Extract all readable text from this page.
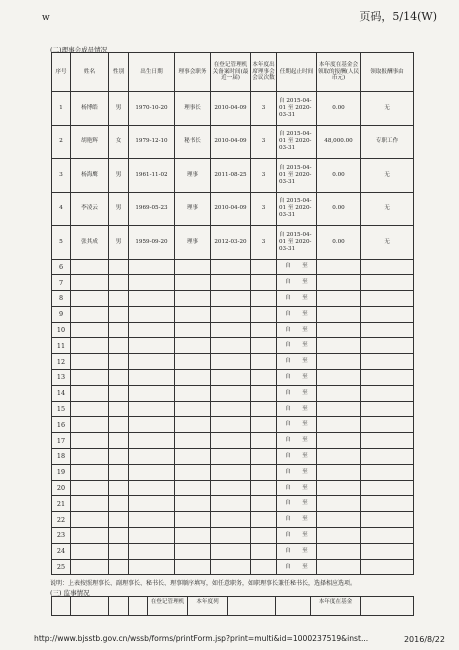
w	页码，5/14(W)
(二)理事会成员情况
序号	姓名	性别	出生日期	理事会职务	在登记管理机关备案时间(最近一届)	本年度出席理事会会议次数	任期起止时间	本年度在基金会领取的报酬(人民币元)	领取报酬事由
1	杨博皓	男	1970-10-20	理事长	2010-04-09	3	自 2015-04-
01 至 2020-
03-31	0.00	无
2	胡艳辉	女	1979-12-10	秘书长	2010-04-09	3	自 2015-04-
01 至 2020-
03-31	48,000.00	专职工作
3	杨海鹰	男	1961-11-02	理事	2011-08-25	3	自 2015-04-
01 至 2020-
03-31	0.00	无
4	李凌云	男	1969-05-23	理事	2010-04-09	3	自 2015-04-
01 至 2020-
03-31	0.00	无
5	张其成	男	1959-09-20	理事	2012-03-20	3	自 2015-04-
01 至 2020-
03-31	0.00	无
6							自　　至		
7							自　　至		
8							自　　至		
9							自　　至		
10							自　　至		
11							自　　至		
12							自　　至		
13							自　　至		
14							自　　至		
15							自　　至		
16							自　　至		
17							自　　至		
18							自　　至		
19							自　　至		
20							自　　至		
21							自　　至		
22							自　　至		
23							自　　至		
24							自　　至		
25							自　　至		
说明：上表按照理事长、副理事长、秘书长、理事顺序填写，如任意职务，如职理事长兼任秘书长，选择相应选项。
(三) 监事情况
				在登记管理机	本年度列			本年度在基金	
http://www.bjsstb.gov.cn/wssb/forms/printForm.jsp?print=multi&id=1000237519&inst...	2016/8/22
